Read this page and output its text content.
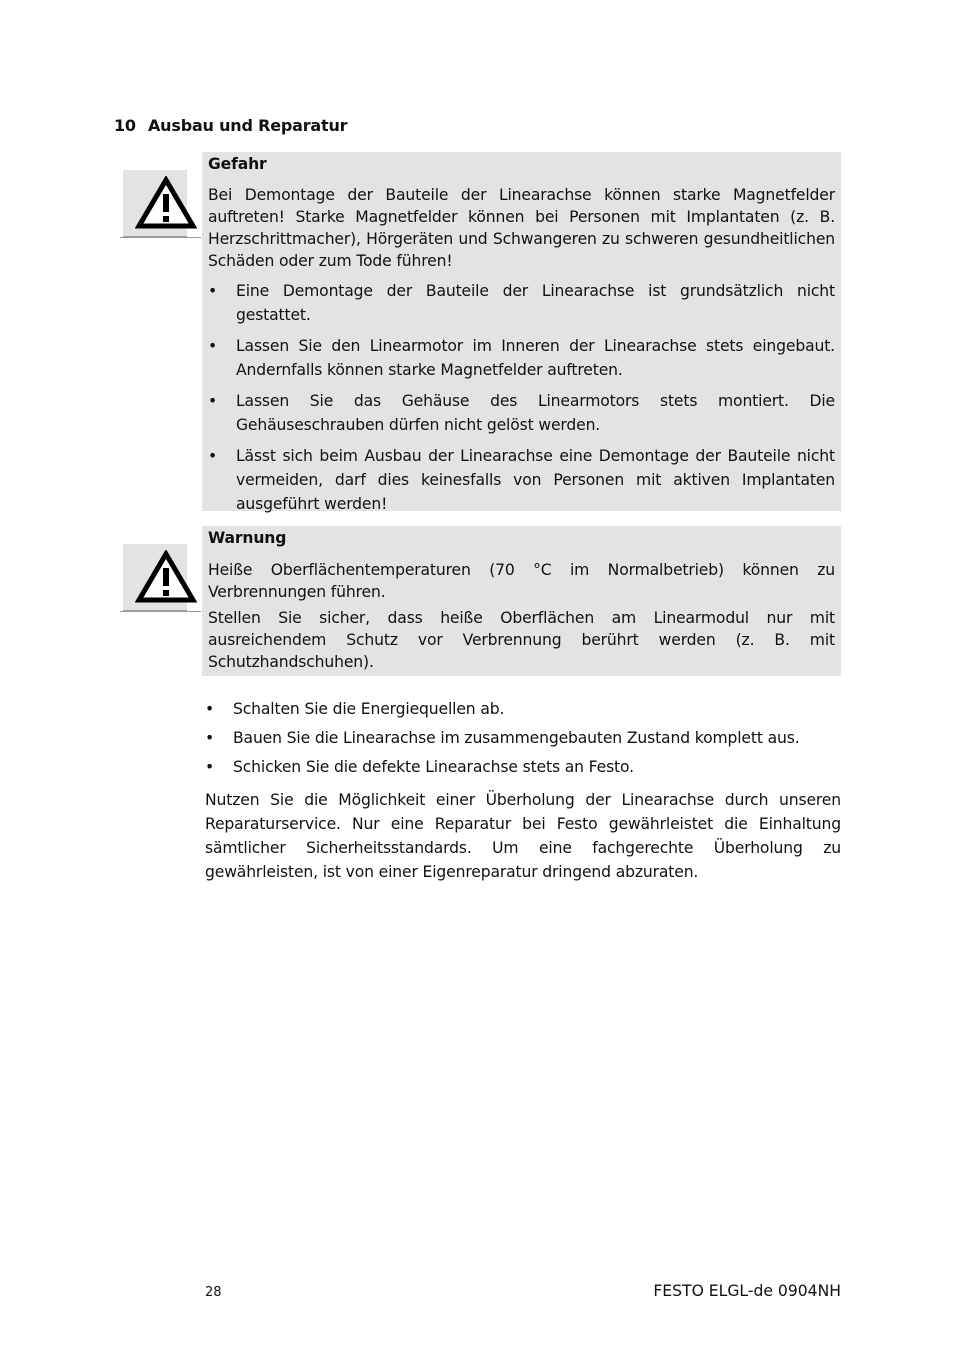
10 Ausbau und Reparatur
Gefahr

Bei Demontage der Bauteile der Linearachse können starke Magnetfelder auftreten! Starke Magnetfelder können bei Personen mit Implantaten (z. B. Herzschrittmacher), Hörgeräten und Schwangeren zu schweren gesundheitlichen Schäden oder zum Tode führen!

• Eine Demontage der Bauteile der Linearachse ist grundsätzlich nicht gestattet.
• Lassen Sie den Linearmotor im Inneren der Linearachse stets eingebaut. Andernfalls können starke Magnetfelder auftreten.
• Lassen Sie das Gehäuse des Linearmotors stets montiert. Die Gehäuseschrauben dürfen nicht gelöst werden.
• Lässt sich beim Ausbau der Linearachse eine Demontage der Bauteile nicht vermeiden, darf dies keinesfalls von Personen mit aktiven Implantaten ausgeführt werden!
Warnung

Heiße Oberflächentemperaturen (70 °C im Normalbetrieb) können zu Verbrennungen führen.

Stellen Sie sicher, dass heiße Oberflächen am Linearmodul nur mit ausreichendem Schutz vor Verbrennung berührt werden (z. B. mit Schutzhandschuhen).

• Schalten Sie die Energiequellen ab.
• Bauen Sie die Linearachse im zusammengebauten Zustand komplett aus.
• Schicken Sie die defekte Linearachse stets an Festo.

Nutzen Sie die Möglichkeit einer Überholung der Linearachse durch unseren Reparaturservice. Nur eine Reparatur bei Festo gewährleistet die Einhaltung sämtlicher Sicherheitsstandards. Um eine fachgerechte Überholung zu gewährleisten, ist von einer Eigenreparatur dringend abzuraten.

28	FESTO ELGL-de 0904NH
